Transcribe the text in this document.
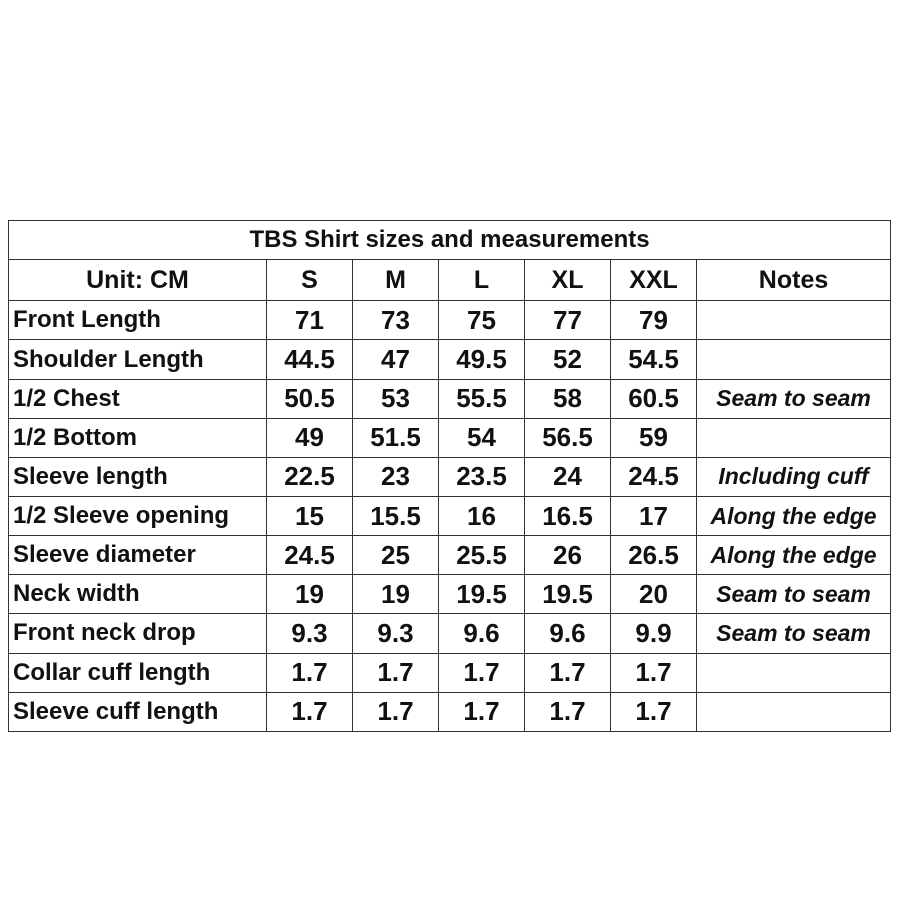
TBS Shirt sizes and measurements						
Unit: CM	S	M	L	XL	XXL	Notes
Front Length	71	73	75	77	79	
Shoulder Length	44.5	47	49.5	52	54.5	
1/2 Chest	50.5	53	55.5	58	60.5	Seam to seam
1/2 Bottom	49	51.5	54	56.5	59	
Sleeve length	22.5	23	23.5	24	24.5	Including cuff
1/2 Sleeve opening	15	15.5	16	16.5	17	Along the edge
Sleeve diameter	24.5	25	25.5	26	26.5	Along the edge
Neck width	19	19	19.5	19.5	20	Seam to seam
Front neck drop	9.3	9.3	9.6	9.6	9.9	Seam to seam
Collar cuff length	1.7	1.7	1.7	1.7	1.7	
Sleeve cuff length	1.7	1.7	1.7	1.7	1.7	
